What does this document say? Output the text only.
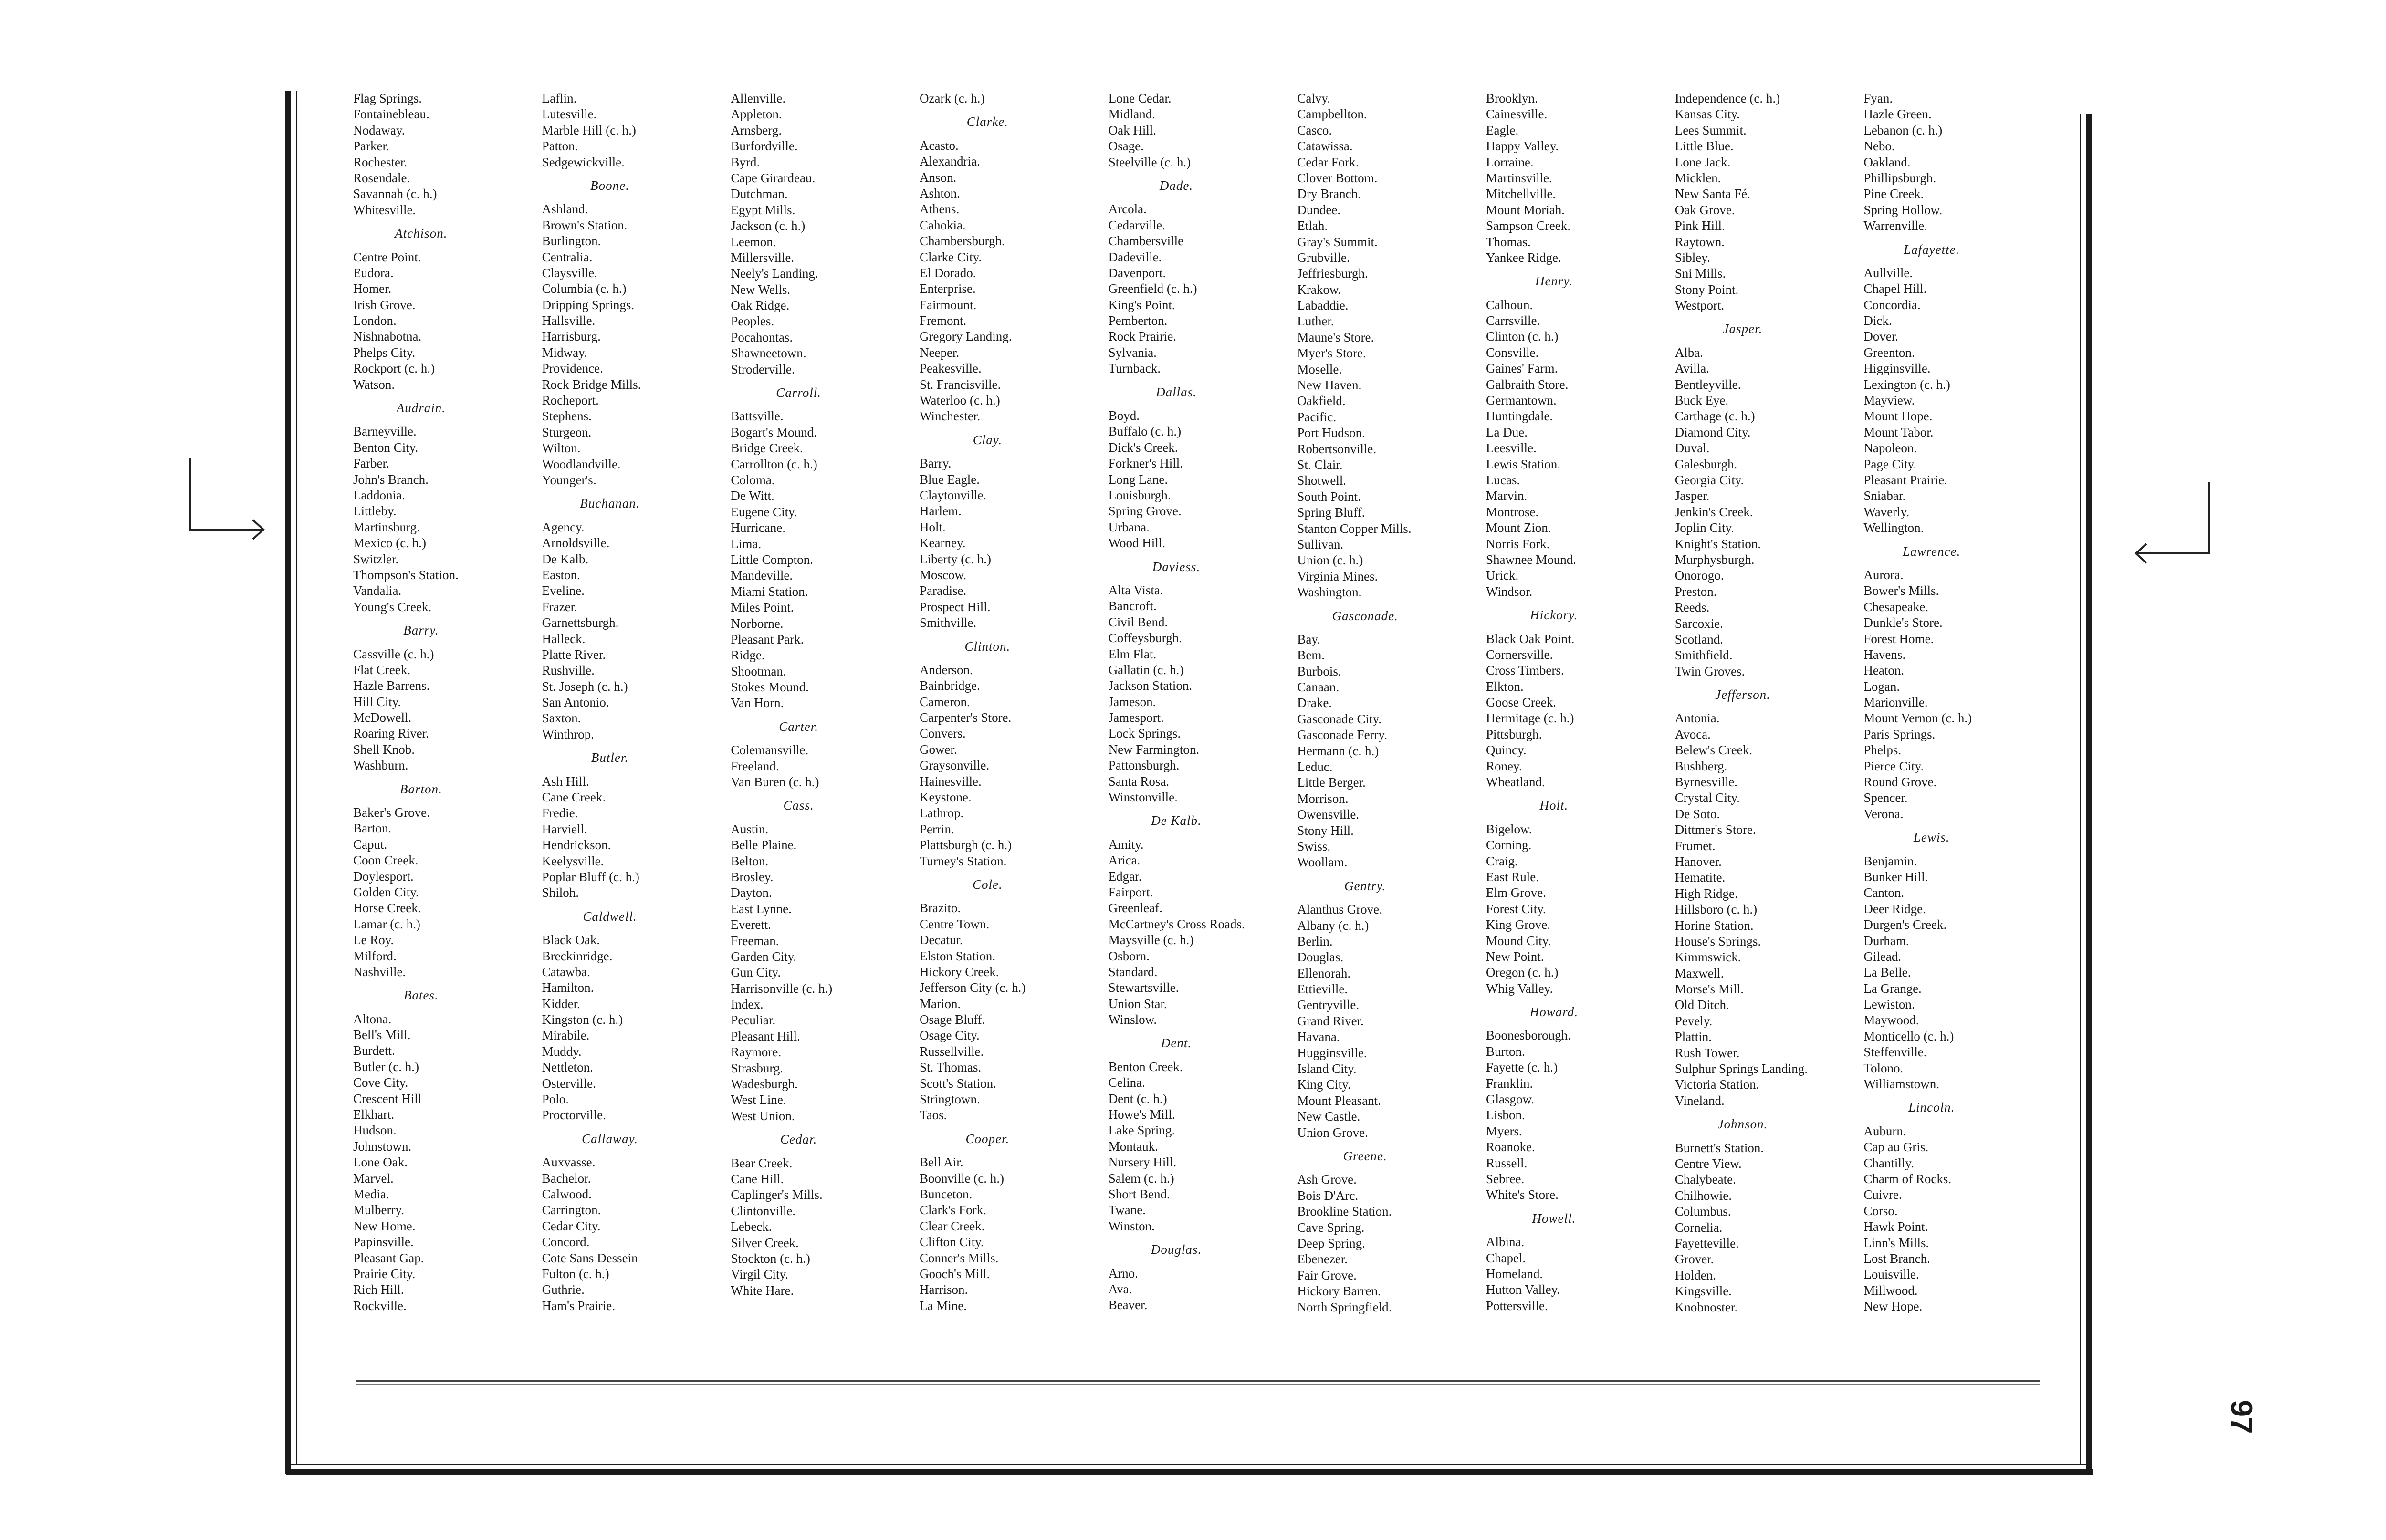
Flag Springs.
Fontainebleau.
Nodaway.
Parker.
Rochester.
Rosendale.
Savannah (c. h.)
Whitesville.
Atchison.
Centre Point.
Eudora.
Homer.
Irish Grove.
London.
Nishnabotna.
Phelps City.
Rockport (c. h.)
Watson.
Audrain.
Barneyville.
Benton City.
Farber.
John's Branch.
Laddonia.
Littleby.
Martinsburg.
Mexico (c. h.)
Switzler.
Thompson's Station.
Vandalia.
Young's Creek.
Barry.
Cassville (c. h.)
Flat Creek.
Hazle Barrens.
Hill City.
McDowell.
Roaring River.
Shell Knob.
Washburn.
Barton.
Baker's Grove.
Barton.
Caput.
Coon Creek.
Doylesport.
Golden City.
Horse Creek.
Lamar (c. h.)
Le Roy.
Milford.
Nashville.
Bates.
Altona.
Bell's Mill.
Burdett.
Butler (c. h.)
Cove City.
Crescent Hill
Elkhart.
Hudson.
Johnstown.
Lone Oak.
Marvel.
Media.
Mulberry.
New Home.
Papinsville.
Pleasant Gap.
Prairie City.
Rich Hill.
Rockville.
Laflin.
Lutesville.
Marble Hill (c. h.)
Patton.
Sedgewickville.
Boone.
Ashland.
Brown's Station.
Burlington.
Centralia.
Claysville.
Columbia (c. h.)
Dripping Springs.
Hallsville.
Harrisburg.
Midway.
Providence.
Rock Bridge Mills.
Rocheport.
Stephens.
Sturgeon.
Wilton.
Woodlandville.
Younger's.
Buchanan.
Agency.
Arnoldsville.
De Kalb.
Easton.
Eveline.
Frazer.
Garnettsburgh.
Halleck.
Platte River.
Rushville.
St. Joseph (c. h.)
San Antonio.
Saxton.
Winthrop.
Butler.
Ash Hill.
Cane Creek.
Fredie.
Harviell.
Hendrickson.
Keelysville.
Poplar Bluff (c. h.)
Shiloh.
Caldwell.
Black Oak.
Breckinridge.
Catawba.
Hamilton.
Kidder.
Kingston (c. h.)
Mirabile.
Muddy.
Nettleton.
Osterville.
Polo.
Proctorville.
Callaway.
Auxvasse.
Bachelor.
Calwood.
Carrington.
Cedar City.
Concord.
Cote Sans Dessein
Fulton (c. h.)
Guthrie.
Ham's Prairie.
Allenville.
Appleton.
Arnsberg.
Burfordville.
Byrd.
Cape Girardeau.
Dutchman.
Egypt Mills.
Jackson (c. h.)
Leemon.
Millersville.
Neely's Landing.
New Wells.
Oak Ridge.
Peoples.
Pocahontas.
Shawneetown.
Stroderville.
Carroll.
Battsville.
Bogart's Mound.
Bridge Creek.
Carrollton (c. h.)
Coloma.
De Witt.
Eugene City.
Hurricane.
Lima.
Little Compton.
Mandeville.
Miami Station.
Miles Point.
Norborne.
Pleasant Park.
Ridge.
Shootman.
Stokes Mound.
Van Horn.
Carter.
Colemansville.
Freeland.
Van Buren (c. h.)
Cass.
Austin.
Belle Plaine.
Belton.
Brosley.
Dayton.
East Lynne.
Everett.
Freeman.
Garden City.
Gun City.
Harrisonville (c. h.)
Index.
Peculiar.
Pleasant Hill.
Raymore.
Strasburg.
Wadesburgh.
West Line.
West Union.
Cedar.
Bear Creek.
Cane Hill.
Caplinger's Mills.
Clintonville.
Lebeck.
Silver Creek.
Stockton (c. h.)
Virgil City.
White Hare.
Ozark (c. h.)
Clarke.
Acasto.
Alexandria.
Anson.
Ashton.
Athens.
Cahokia.
Chambersburgh.
Clarke City.
El Dorado.
Enterprise.
Fairmount.
Fremont.
Gregory Landing.
Neeper.
Peakesville.
St. Francisville.
Waterloo (c. h.)
Winchester.
Clay.
Barry.
Blue Eagle.
Claytonville.
Harlem.
Holt.
Kearney.
Liberty (c. h.)
Moscow.
Paradise.
Prospect Hill.
Smithville.
Clinton.
Anderson.
Bainbridge.
Cameron.
Carpenter's Store.
Convers.
Gower.
Graysonville.
Hainesville.
Keystone.
Lathrop.
Perrin.
Plattsburgh (c. h.)
Turney's Station.
Cole.
Brazito.
Centre Town.
Decatur.
Elston Station.
Hickory Creek.
Jefferson City (c. h.)
Marion.
Osage Bluff.
Osage City.
Russellville.
St. Thomas.
Scott's Station.
Stringtown.
Taos.
Cooper.
Bell Air.
Boonville (c. h.)
Bunceton.
Clark's Fork.
Clear Creek.
Clifton City.
Conner's Mills.
Gooch's Mill.
Harrison.
La Mine.
Lone Cedar.
Midland.
Oak Hill.
Osage.
Steelville (c. h.)
Dade.
Arcola.
Cedarville.
Chambersville
Dadeville.
Davenport.
Greenfield (c. h.)
King's Point.
Pemberton.
Rock Prairie.
Sylvania.
Turnback.
Dallas.
Boyd.
Buffalo (c. h.)
Dick's Creek.
Forkner's Hill.
Long Lane.
Louisburgh.
Spring Grove.
Urbana.
Wood Hill.
Daviess.
Alta Vista.
Bancroft.
Civil Bend.
Coffeysburgh.
Elm Flat.
Gallatin (c. h.)
Jackson Station.
Jameson.
Jamesport.
Lock Springs.
New Farmington.
Pattonsburgh.
Santa Rosa.
Winstonville.
De Kalb.
Amity.
Arica.
Edgar.
Fairport.
Greenleaf.
McCartney's Cross Roads.
Maysville (c. h.)
Osborn.
Standard.
Stewartsville.
Union Star.
Winslow.
Dent.
Benton Creek.
Celina.
Dent (c. h.)
Howe's Mill.
Lake Spring.
Montauk.
Nursery Hill.
Salem (c. h.)
Short Bend.
Twane.
Winston.
Douglas.
Arno.
Ava.
Beaver.
Calvy.
Campbellton.
Casco.
Catawissa.
Cedar Fork.
Clover Bottom.
Dry Branch.
Dundee.
Etlah.
Gray's Summit.
Grubville.
Jeffriesburgh.
Krakow.
Labaddie.
Luther.
Maune's Store.
Myer's Store.
Moselle.
New Haven.
Oakfield.
Pacific.
Port Hudson.
Robertsonville.
St. Clair.
Shotwell.
South Point.
Spring Bluff.
Stanton Copper Mills.
Sullivan.
Union (c. h.)
Virginia Mines.
Washington.
Gasconade.
Bay.
Bem.
Burbois.
Canaan.
Drake.
Gasconade City.
Gasconade Ferry.
Hermann (c. h.)
Leduc.
Little Berger.
Morrison.
Owensville.
Stony Hill.
Swiss.
Woollam.
Gentry.
Alanthus Grove.
Albany (c. h.)
Berlin.
Douglas.
Ellenorah.
Ettieville.
Gentryville.
Grand River.
Havana.
Hugginsville.
Island City.
King City.
Mount Pleasant.
New Castle.
Union Grove.
Greene.
Ash Grove.
Bois D'Arc.
Brookline Station.
Cave Spring.
Deep Spring.
Ebenezer.
Fair Grove.
Hickory Barren.
North Springfield.
Brooklyn.
Cainesville.
Eagle.
Happy Valley.
Lorraine.
Martinsville.
Mitchellville.
Mount Moriah.
Sampson Creek.
Thomas.
Yankee Ridge.
Henry.
Calhoun.
Carrsville.
Clinton (c. h.)
Consville.
Gaines' Farm.
Galbraith Store.
Germantown.
Huntingdale.
La Due.
Leesville.
Lewis Station.
Lucas.
Marvin.
Montrose.
Mount Zion.
Norris Fork.
Shawnee Mound.
Urick.
Windsor.
Hickory.
Black Oak Point.
Cornersville.
Cross Timbers.
Elkton.
Goose Creek.
Hermitage (c. h.)
Pittsburgh.
Quincy.
Roney.
Wheatland.
Holt.
Bigelow.
Corning.
Craig.
East Rule.
Elm Grove.
Forest City.
King Grove.
Mound City.
New Point.
Oregon (c. h.)
Whig Valley.
Howard.
Boonesborough.
Burton.
Fayette (c. h.)
Franklin.
Glasgow.
Lisbon.
Myers.
Roanoke.
Russell.
Sebree.
White's Store.
Howell.
Albina.
Chapel.
Homeland.
Hutton Valley.
Pottersville.
Independence (c. h.)
Kansas City.
Lees Summit.
Little Blue.
Lone Jack.
Micklen.
New Santa Fé.
Oak Grove.
Pink Hill.
Raytown.
Sibley.
Sni Mills.
Stony Point.
Westport.
Jasper.
Alba.
Avilla.
Bentleyville.
Buck Eye.
Carthage (c. h.)
Diamond City.
Duval.
Galesburgh.
Georgia City.
Jasper.
Jenkin's Creek.
Joplin City.
Knight's Station.
Murphysburgh.
Onorogo.
Preston.
Reeds.
Sarcoxie.
Scotland.
Smithfield.
Twin Groves.
Jefferson.
Antonia.
Avoca.
Belew's Creek.
Bushberg.
Byrnesville.
Crystal City.
De Soto.
Dittmer's Store.
Frumet.
Hanover.
Hematite.
High Ridge.
Hillsboro (c. h.)
Horine Station.
House's Springs.
Kimmswick.
Maxwell.
Morse's Mill.
Old Ditch.
Pevely.
Plattin.
Rush Tower.
Sulphur Springs Landing.
Victoria Station.
Vineland.
Johnson.
Burnett's Station.
Centre View.
Chalybeate.
Chilhowie.
Columbus.
Cornelia.
Fayetteville.
Grover.
Holden.
Kingsville.
Knobnoster.
Fyan.
Hazle Green.
Lebanon (c. h.)
Nebo.
Oakland.
Phillipsburgh.
Pine Creek.
Spring Hollow.
Warrenville.
Lafayette.
Aullville.
Chapel Hill.
Concordia.
Dick.
Dover.
Greenton.
Higginsville.
Lexington (c. h.)
Mayview.
Mount Hope.
Mount Tabor.
Napoleon.
Page City.
Pleasant Prairie.
Sniabar.
Waverly.
Wellington.
Lawrence.
Aurora.
Bower's Mills.
Chesapeake.
Dunkle's Store.
Forest Home.
Havens.
Heaton.
Logan.
Marionville.
Mount Vernon (c. h.)
Paris Springs.
Phelps.
Pierce City.
Round Grove.
Spencer.
Verona.
Lewis.
Benjamin.
Bunker Hill.
Canton.
Deer Ridge.
Durgen's Creek.
Durham.
Gilead.
La Belle.
La Grange.
Lewiston.
Maywood.
Monticello (c. h.)
Steffenville.
Tolono.
Williamstown.
Lincoln.
Auburn.
Cap au Gris.
Chantilly.
Charm of Rocks.
Cuivre.
Corso.
Hawk Point.
Linn's Mills.
Lost Branch.
Louisville.
Millwood.
New Hope.
97
